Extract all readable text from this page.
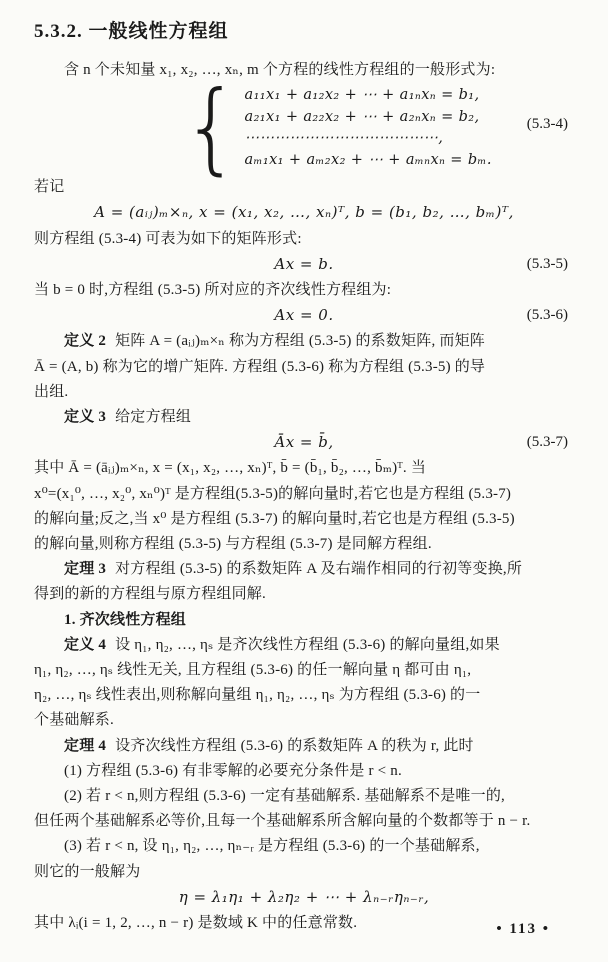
5.3.2. 一般线性方程组
含 n 个未知量 x₁, x₂, …, xₙ, m 个方程的线性方程组的一般形式为:
{ a₁₁x₁ + a₁₂x₂ + ⋯ + a₁ₙxₙ = b₁,
a₂₁x₁ + a₂₂x₂ + ⋯ + a₂ₙxₙ = b₂,
⋯⋯⋯⋯⋯⋯⋯⋯⋯⋯⋯⋯⋯,
aₘ₁x₁ + aₘ₂x₂ + ⋯ + aₘₙxₙ = bₘ.
(5.3-4)
若记
A = (aᵢⱼ)ₘ×ₙ, x = (x₁, x₂, …, xₙ)ᵀ, b = (b₁, b₂, …, bₘ)ᵀ,
则方程组 (5.3-4) 可表为如下的矩阵形式:
Ax = b.	(5.3-5)
当 b = 0 时,方程组 (5.3-5) 所对应的齐次线性方程组为:
Ax = 0.	(5.3-6)
定义 2 矩阵 A = (aᵢⱼ)ₘ×ₙ 称为方程组 (5.3-5) 的系数矩阵, 而矩阵
Ā = (A, b) 称为它的增广矩阵. 方程组 (5.3-6) 称为方程组 (5.3-5) 的导
出组.
定义 3 给定方程组
Āx = b̄,	(5.3-7)
其中 Ā = (āᵢⱼ)ₘ×ₙ, x = (x₁, x₂, …, xₙ)ᵀ, b̄ = (b̄₁, b̄₂, …, b̄ₘ)ᵀ. 当
x⁰=(x₁⁰, …, x₂⁰, xₙ⁰)ᵀ 是方程组(5.3-5)的解向量时,若它也是方程组 (5.3-7)
的解向量;反之,当 x⁰ 是方程组 (5.3-7) 的解向量时,若它也是方程组 (5.3-5)
的解向量,则称方程组 (5.3-5) 与方程组 (5.3-7) 是同解方程组.
定理 3 对方程组 (5.3-5) 的系数矩阵 A 及右端作相同的行初等变换,所
得到的新的方程组与原方程组同解.
1. 齐次线性方程组
定义 4 设 η₁, η₂, …, ηₛ 是齐次线性方程组 (5.3-6) 的解向量组,如果
η₁, η₂, …, ηₛ 线性无关, 且方程组 (5.3-6) 的任一解向量 η 都可由 η₁,
η₂, …, ηₛ 线性表出,则称解向量组 η₁, η₂, …, ηₛ 为方程组 (5.3-6) 的一
个基础解系.
定理 4 设齐次线性方程组 (5.3-6) 的系数矩阵 A 的秩为 r, 此时
(1) 方程组 (5.3-6) 有非零解的必要充分条件是 r < n.
(2) 若 r < n,则方程组 (5.3-6) 一定有基础解系. 基础解系不是唯一的,
但任两个基础解系必等价,且每一个基础解系所含解向量的个数都等于 n − r.
(3) 若 r < n, 设 η₁, η₂, …, ηₙ₋ᵣ 是方程组 (5.3-6) 的一个基础解系,
则它的一般解为
η = λ₁η₁ + λ₂η₂ + ⋯ + λₙ₋ᵣηₙ₋ᵣ,
其中 λᵢ(i = 1, 2, …, n − r) 是数域 K 中的任意常数.	• 113 •
